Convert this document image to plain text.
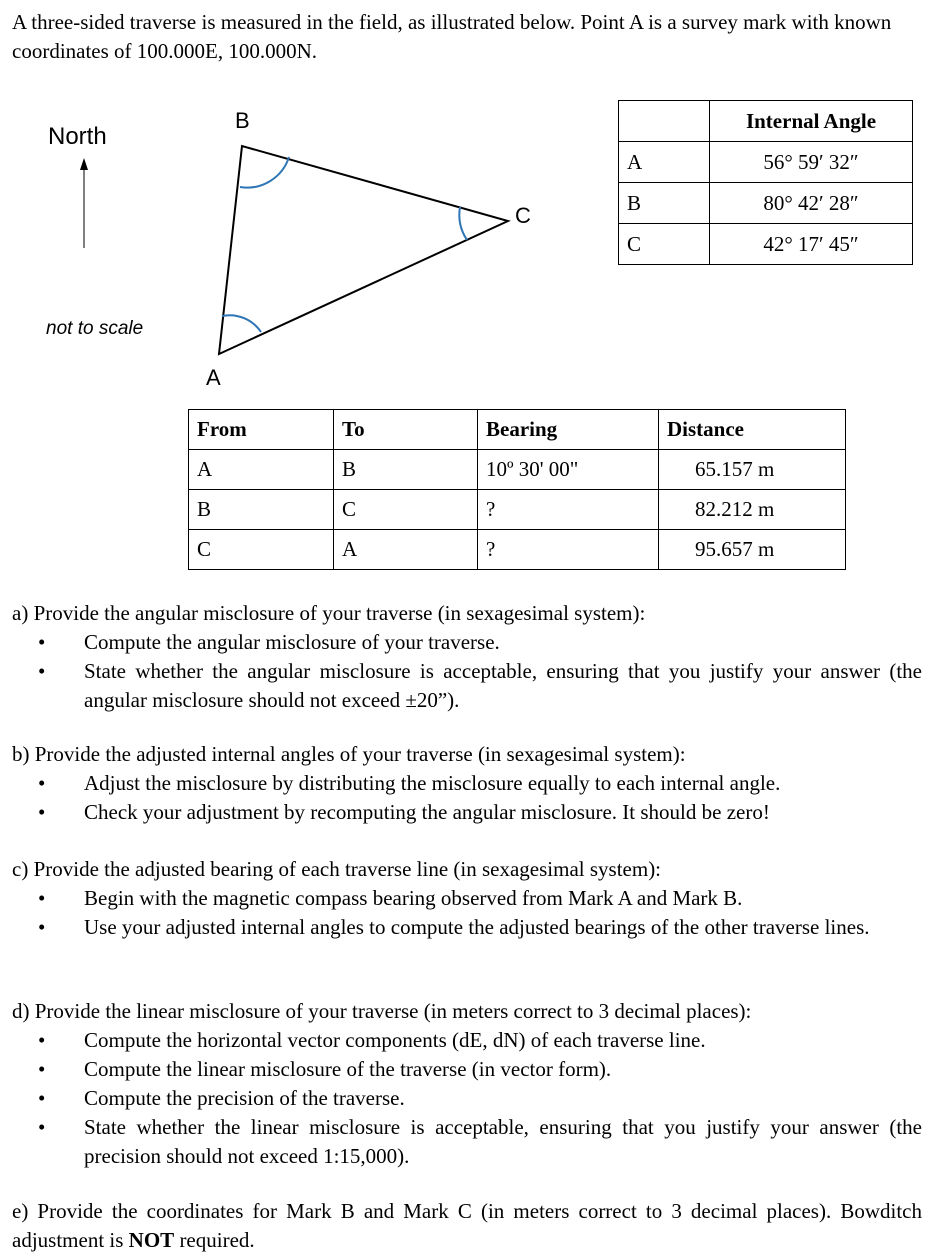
A three-sided traverse is measured in the field, as illustrated below. Point A is a survey mark with known coordinates of 100.000E, 100.000N.

North
not to scale
A
B
C
	Internal Angle
A	56° 59′ 32″
B	80° 42′ 28″
C	42° 17′ 45″
From	To	Bearing	Distance
A	B	10º 30' 00"	65.157 m
B	C	?	82.212 m
C	A	?	95.657 m

a) Provide the angular misclosure of your traverse (in sexagesimal system):

• Compute the angular misclosure of your traverse.
• State whether the angular misclosure is acceptable, ensuring that you justify your answer (the angular misclosure should not exceed ±20”).

b) Provide the adjusted internal angles of your traverse (in sexagesimal system):

• Adjust the misclosure by distributing the misclosure equally to each internal angle.
• Check your adjustment by recomputing the angular misclosure. It should be zero!

c) Provide the adjusted bearing of each traverse line (in sexagesimal system):

• Begin with the magnetic compass bearing observed from Mark A and Mark B.
• Use your adjusted internal angles to compute the adjusted bearings of the other traverse lines.

d) Provide the linear misclosure of your traverse (in meters correct to 3 decimal places):

• Compute the horizontal vector components (dE, dN) of each traverse line.
• Compute the linear misclosure of the traverse (in vector form).
• Compute the precision of the traverse.
• State whether the linear misclosure is acceptable, ensuring that you justify your answer (the precision should not exceed 1:15,000).

e) Provide the coordinates for Mark B and Mark C (in meters correct to 3 decimal places). Bowditch adjustment is NOT required.
